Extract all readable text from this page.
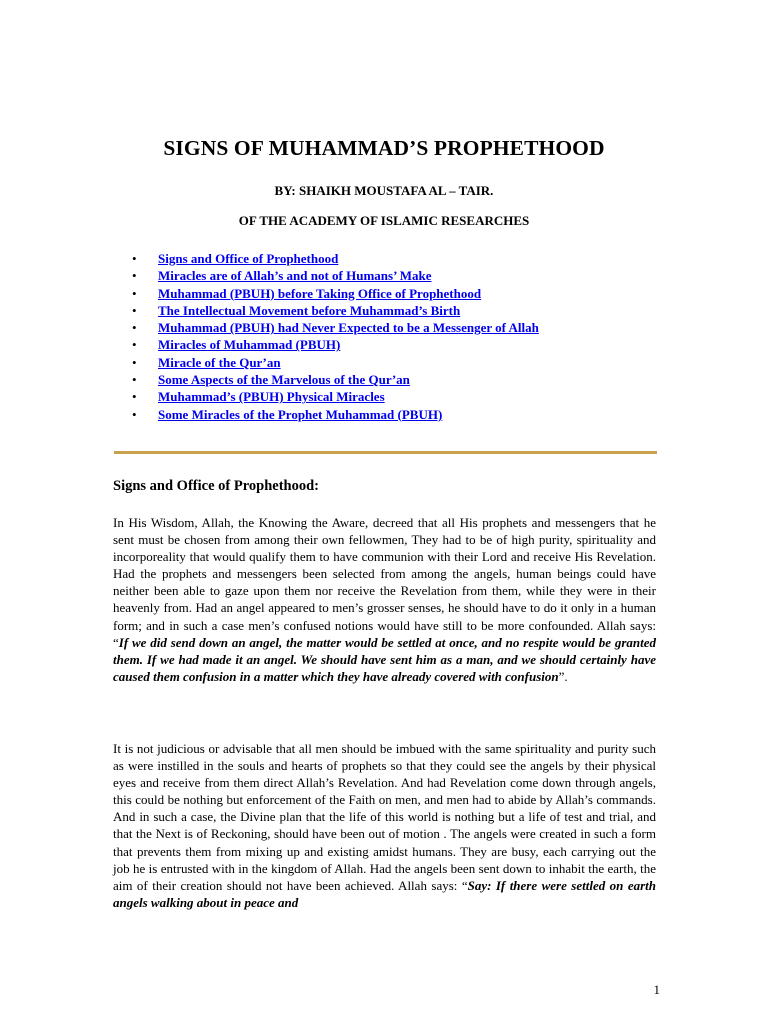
SIGNS OF MUHAMMAD’S PROPHETHOOD
BY: SHAIKH MOUSTAFA AL – TAIR.
OF THE ACADEMY OF ISLAMIC RESEARCHES
• Signs and Office of Prophethood
• Miracles are of Allah’s and not of Humans’ Make
• Muhammad (PBUH) before Taking Office of Prophethood
• The Intellectual Movement before Muhammad’s Birth
• Muhammad (PBUH) had Never Expected to be a Messenger of Allah
• Miracles of Muhammad (PBUH)
• Miracle of the Qur’an
• Some Aspects of the Marvelous of the Qur’an
• Muhammad’s (PBUH) Physical Miracles
• Some Miracles of the Prophet Muhammad (PBUH)
Signs and Office of Prophethood:

In His Wisdom, Allah, the Knowing the Aware, decreed that all His prophets and messengers that he sent must be chosen from among their own fellowmen, They had to be of high purity, spirituality and incorporeality that would qualify them to have communion with their Lord and receive His Revelation. Had the prophets and messengers been selected from among the angels, human beings could have neither been able to gaze upon them nor receive the Revelation from them, while they were in their heavenly from. Had an angel appeared to men’s grosser senses, he should have to do it only in a human form; and in such a case men’s confused notions would have still to be more confounded. Allah says: “If we did send down an angel, the matter would be settled at once, and no respite would be granted them. If we had made it an angel. We should have sent him as a man, and we should certainly have caused them confusion in a matter which they have already covered with confusion”.

It is not judicious or advisable that all men should be imbued with the same spirituality and purity such as were instilled in the souls and hearts of prophets so that they could see the angels by their physical eyes and receive from them direct Allah’s Revelation. And had Revelation come down through angels, this could be nothing but enforcement of the Faith on men, and men had to abide by Allah’s commands. And in such a case, the Divine plan that the life of this world is nothing but a life of test and trial, and that the Next is of Reckoning, should have been out of motion . The angels were created in such a form that prevents them from mixing up and existing amidst humans. They are busy, each carrying out the job he is entrusted with in the kingdom of Allah. Had the angels been sent down to inhabit the earth, the aim of their creation should not have been achieved. Allah says: “Say: If there were settled on earth angels walking about in peace and

1
